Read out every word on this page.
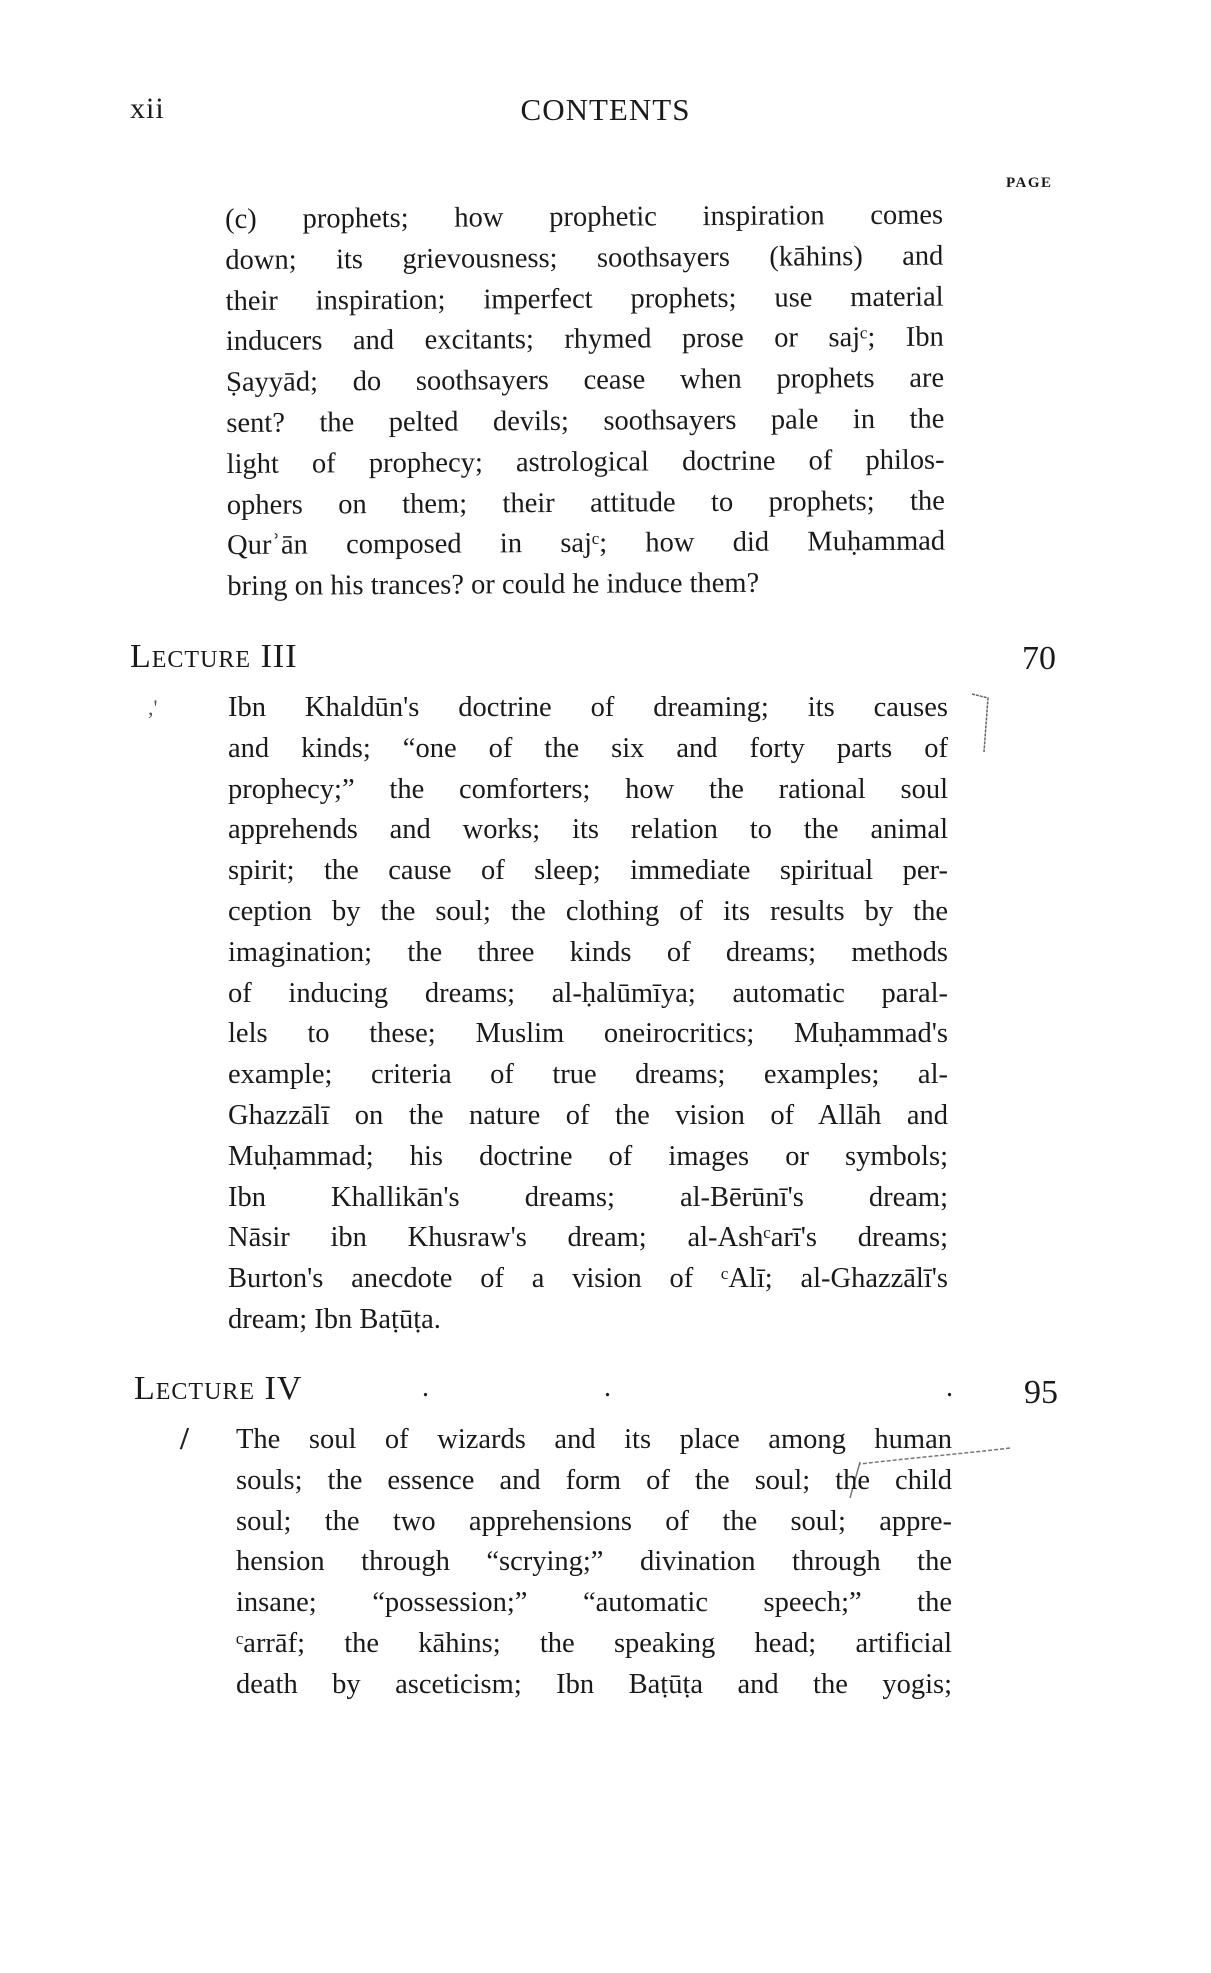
xii	CONTENTS
PAGE
(c) prophets; how prophetic inspiration comes
down; its grievousness; soothsayers (kāhins) and
their inspiration; imperfect prophets; use material
inducers and excitants; rhymed prose or sajᶜ; Ibn
Ṣayyād; do soothsayers cease when prophets are
sent? the pelted devils; soothsayers pale in the
light of prophecy; astrological doctrine of philos-
ophers on them; their attitude to prophets; the
Qurʾān composed in sajᶜ; how did Muḥammad
bring on his trances? or could he induce them?
Lecture III	70
,' Ibn Khaldūn's doctrine of dreaming; its causes
and kinds; “one of the six and forty parts of
prophecy;” the comforters; how the rational soul
apprehends and works; its relation to the animal
spirit; the cause of sleep; immediate spiritual per-
ception by the soul; the clothing of its results by the
imagination; the three kinds of dreams; methods
of inducing dreams; al-ḥalūmīya; automatic paral-
lels to these; Muslim oneirocritics; Muḥammad's
example; criteria of true dreams; examples; al-
Ghazzālī on the nature of the vision of Allāh and
Muḥammad; his doctrine of images or symbols;
Ibn Khallikān's dreams; al-Bērūnī's dream;
Nāsir ibn Khusraw's dream; al-Ashᶜarī's dreams;
Burton's anecdote of a vision of ᶜAlī; al-Ghazzālī's
dream; Ibn Baṭūṭa.
Lecture IV	.	.	. 95
/ The soul of wizards and its place among human
souls; the essence and form of the soul; the child
soul; the two apprehensions of the soul; appre-
hension through “scrying;” divination through the
insane; “possession;” “automatic speech;” the
ᶜarrāf; the kāhins; the speaking head; artificial
death by asceticism; Ibn Baṭūṭa and the yogis;
